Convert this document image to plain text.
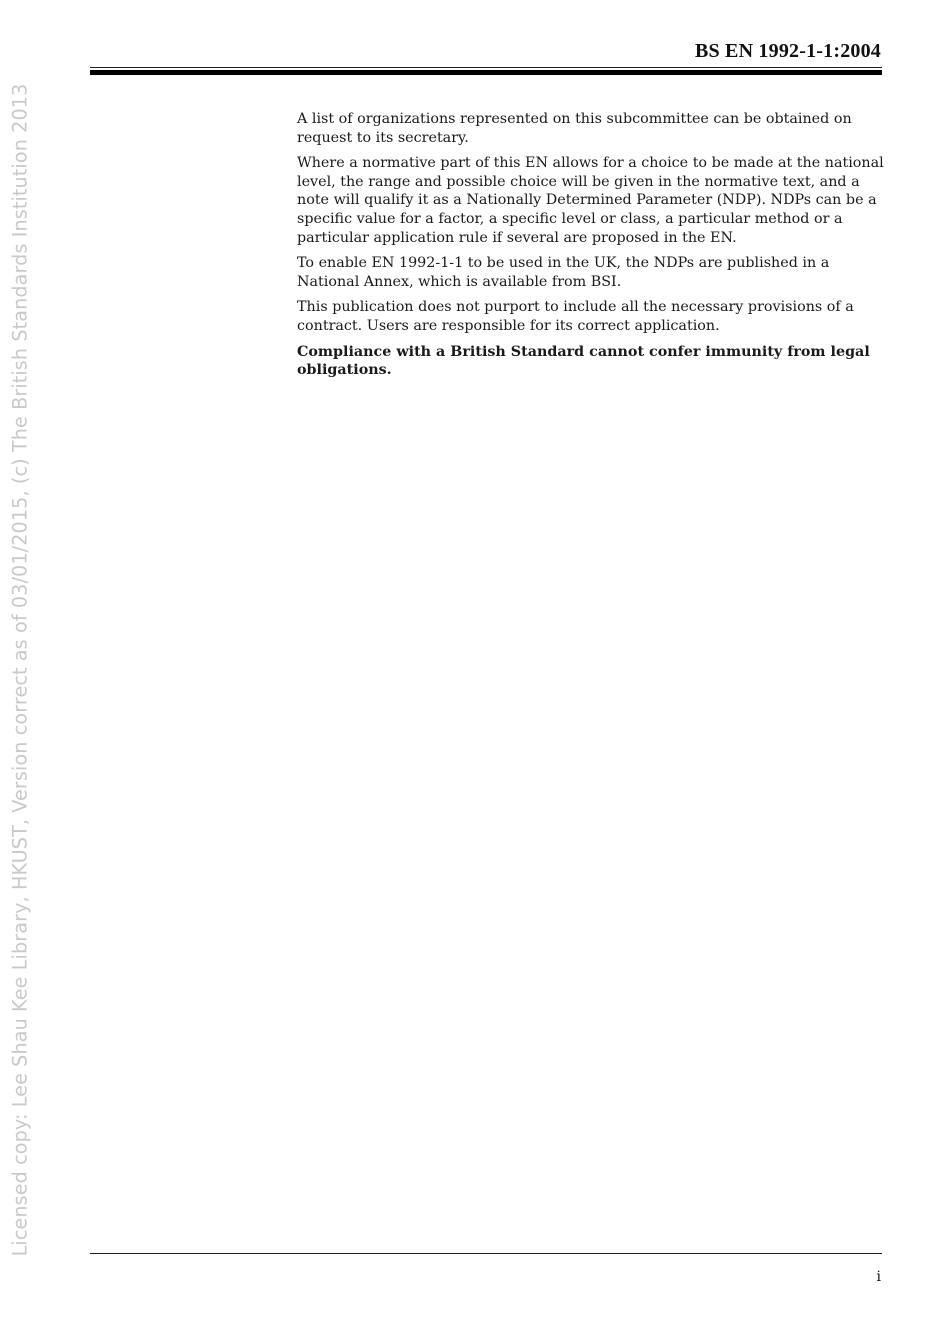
BS EN 1992-1-1:2004

A list of organizations represented on this subcommittee can be obtained on request to its secretary.

Where a normative part of this EN allows for a choice to be made at the national level, the range and possible choice will be given in the normative text, and a note will qualify it as a Nationally Determined Parameter (NDP). NDPs can be a specific value for a factor, a specific level or class, a particular method or a particular application rule if several are proposed in the EN.

To enable EN 1992-1-1 to be used in the UK, the NDPs are published in a National Annex, which is available from BSI.

This publication does not purport to include all the necessary provisions of a contract. Users are responsible for its correct application.

Compliance with a British Standard cannot confer immunity from legal obligations.

Licensed copy: Lee Shau Kee Library, HKUST, Version correct as of 03/01/2015, (c) The British Standards Institution 2013
i
